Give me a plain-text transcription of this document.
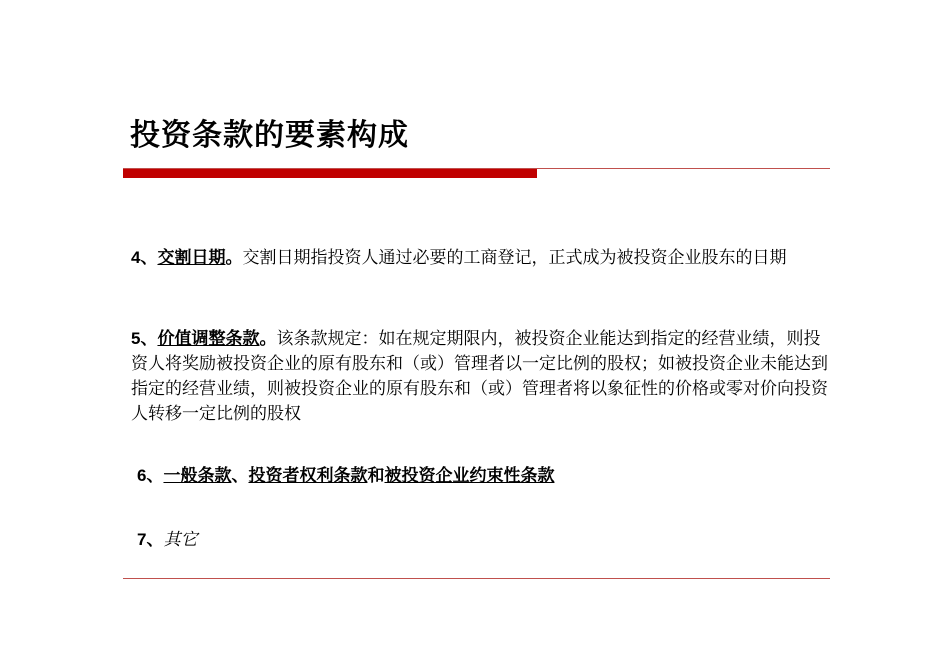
投资条款的要素构成
4、交割日期。交割日期指投资人通过必要的工商登记，正式成为被投资企业股东的日期
5、价值调整条款。该条款规定：如在规定期限内，被投资企业能达到指定的经营业绩，则投资人将奖励被投资企业的原有股东和（或）管理者以一定比例的股权；如被投资企业未能达到指定的经营业绩，则被投资企业的原有股东和（或）管理者将以象征性的价格或零对价向投资人转移一定比例的股权
6、一般条款、投资者权利条款和被投资企业约束性条款
7、其它
